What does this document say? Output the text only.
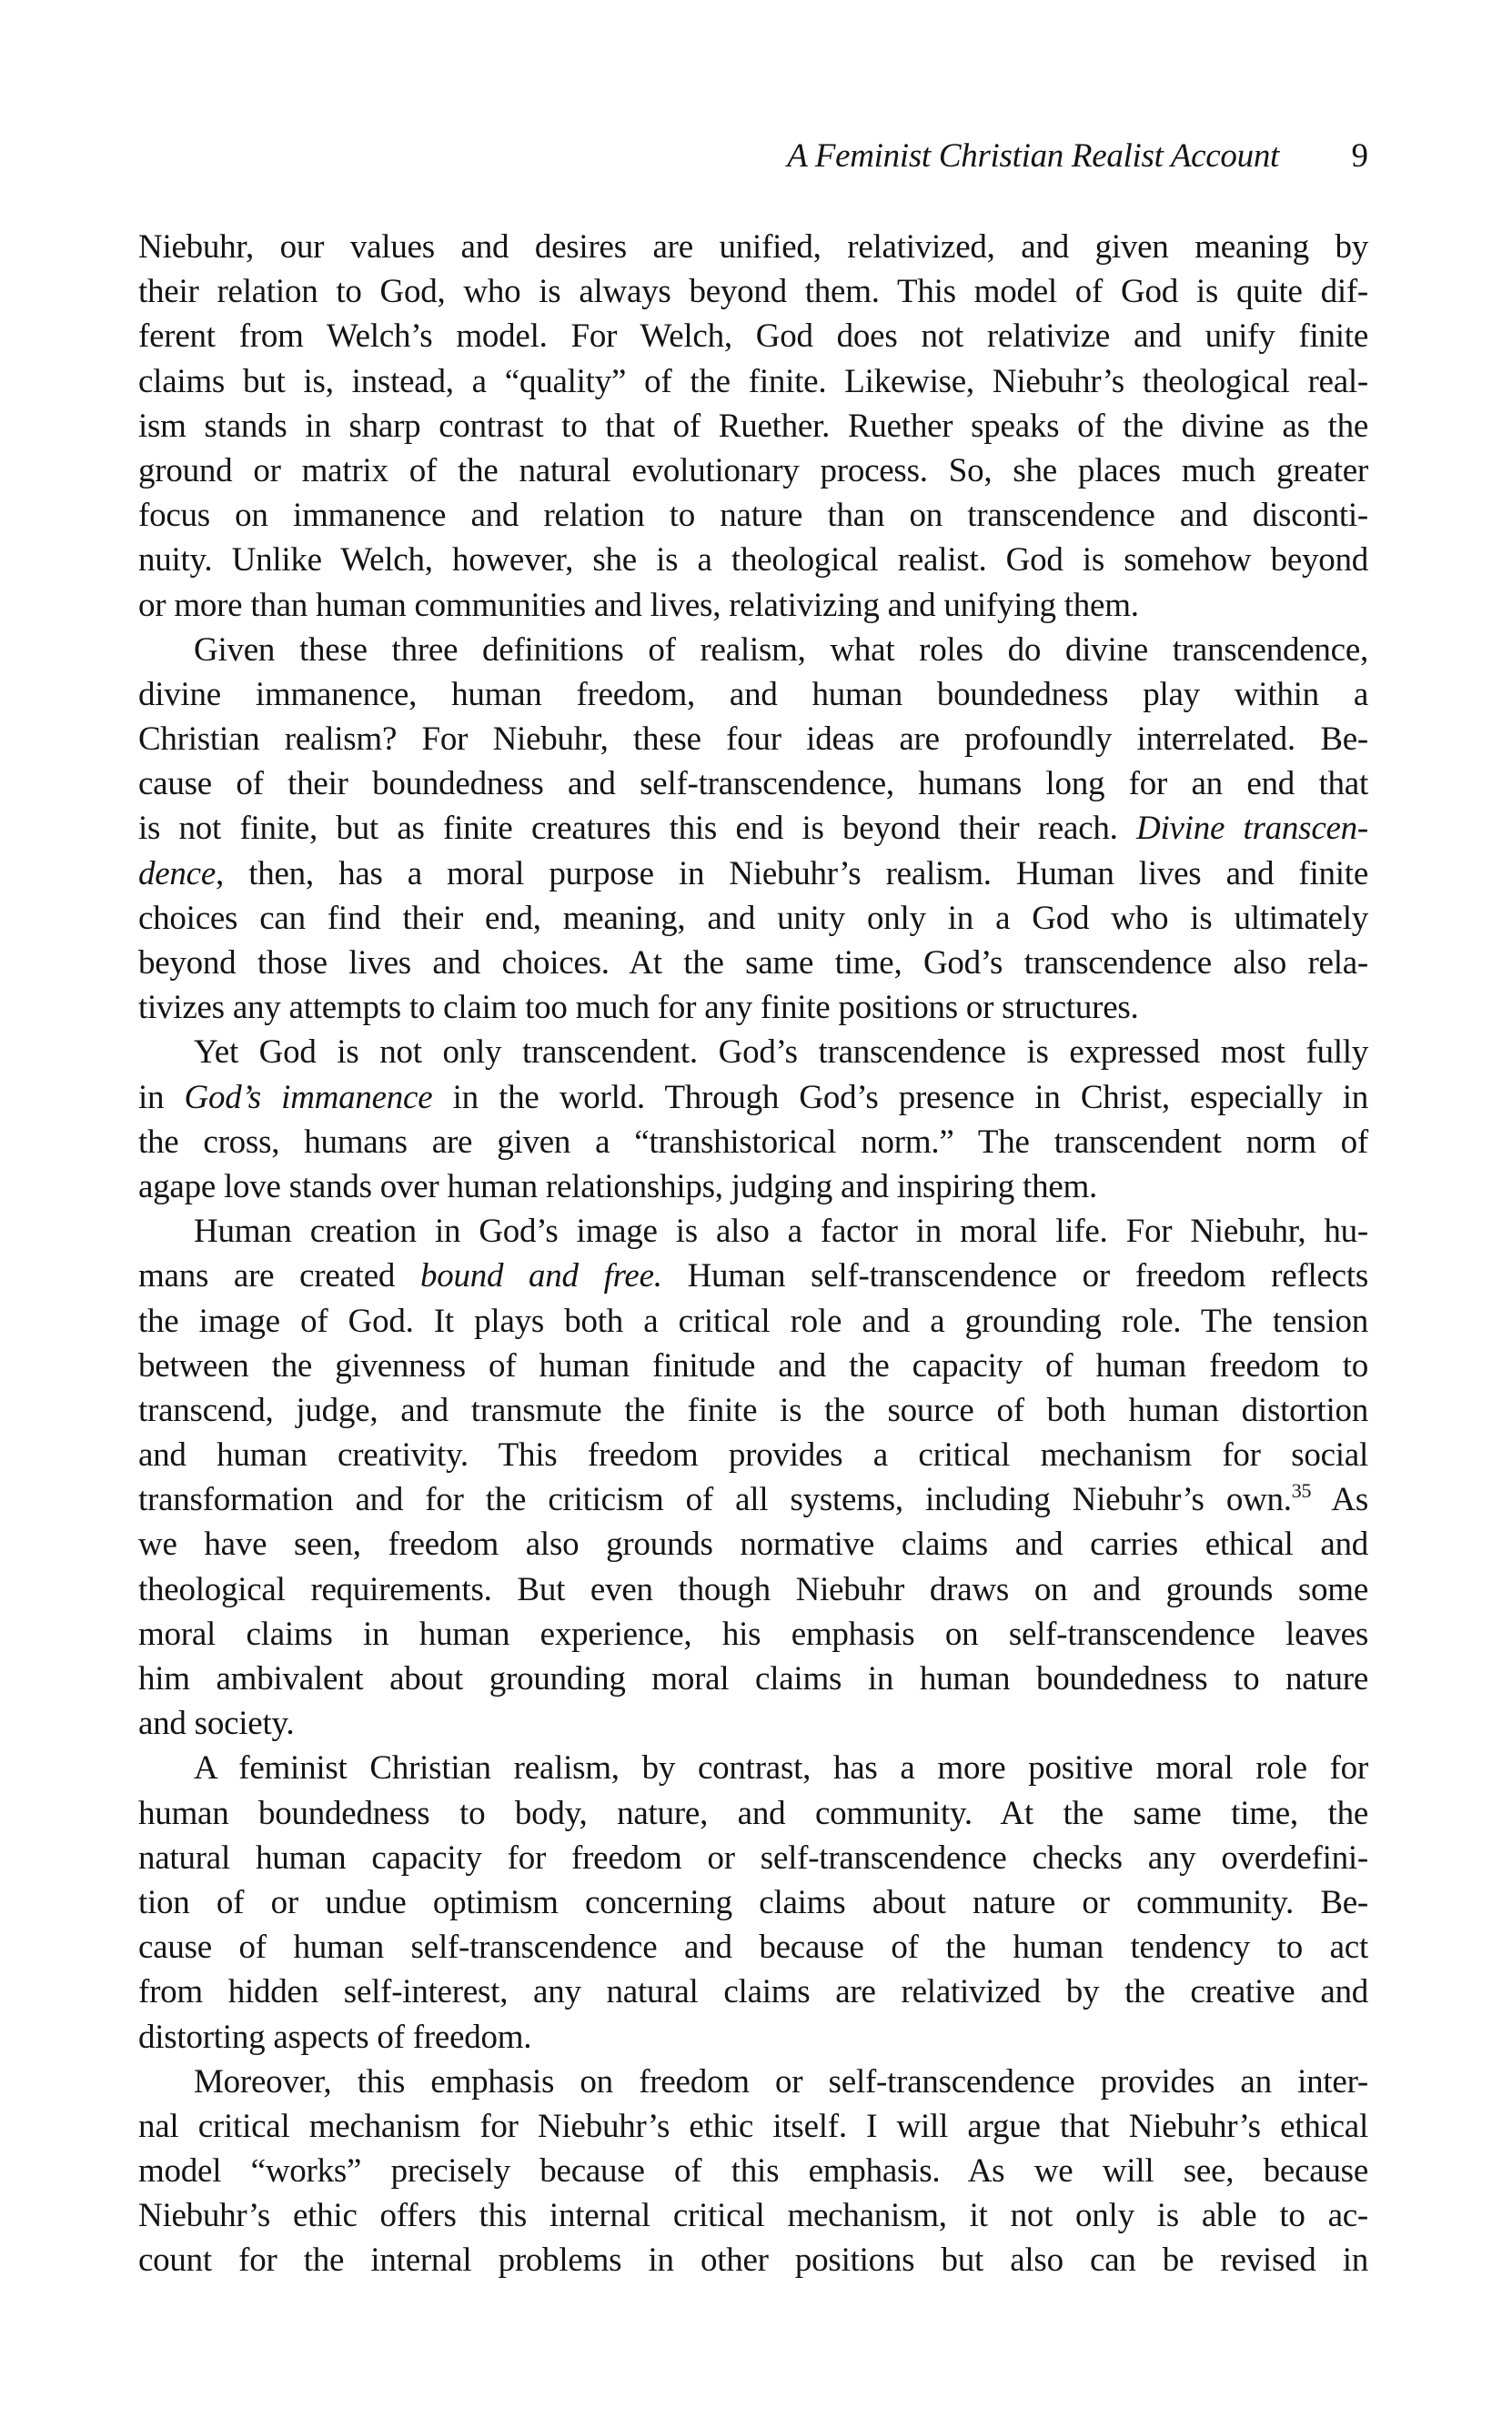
A Feminist Christian Realist Account 9
Niebuhr, our values and desires are unified, relativized, and given meaning by
their relation to God, who is always beyond them. This model of God is quite dif-
ferent from Welch’s model. For Welch, God does not relativize and unify finite
claims but is, instead, a “quality” of the finite. Likewise, Niebuhr’s theological real-
ism stands in sharp contrast to that of Ruether. Ruether speaks of the divine as the
ground or matrix of the natural evolutionary process. So, she places much greater
focus on immanence and relation to nature than on transcendence and disconti-
nuity. Unlike Welch, however, she is a theological realist. God is somehow beyond
or more than human communities and lives, relativizing and unifying them.
Given these three definitions of realism, what roles do divine transcendence,
divine immanence, human freedom, and human boundedness play within a
Christian realism? For Niebuhr, these four ideas are profoundly interrelated. Be-
cause of their boundedness and self-transcendence, humans long for an end that
is not finite, but as finite creatures this end is beyond their reach. Divine transcen-
dence, then, has a moral purpose in Niebuhr’s realism. Human lives and finite
choices can find their end, meaning, and unity only in a God who is ultimately
beyond those lives and choices. At the same time, God’s transcendence also rela-
tivizes any attempts to claim too much for any finite positions or structures.
Yet God is not only transcendent. God’s transcendence is expressed most fully
in God’s immanence in the world. Through God’s presence in Christ, especially in
the cross, humans are given a “transhistorical norm.” The transcendent norm of
agape love stands over human relationships, judging and inspiring them.
Human creation in God’s image is also a factor in moral life. For Niebuhr, hu-
mans are created bound and free. Human self-transcendence or freedom reflects
the image of God. It plays both a critical role and a grounding role. The tension
between the givenness of human finitude and the capacity of human freedom to
transcend, judge, and transmute the finite is the source of both human distortion
and human creativity. This freedom provides a critical mechanism for social
transformation and for the criticism of all systems, including Niebuhr’s own.$^{35}$ As
we have seen, freedom also grounds normative claims and carries ethical and
theological requirements. But even though Niebuhr draws on and grounds some
moral claims in human experience, his emphasis on self-transcendence leaves
him ambivalent about grounding moral claims in human boundedness to nature
and society.
A feminist Christian realism, by contrast, has a more positive moral role for
human boundedness to body, nature, and community. At the same time, the
natural human capacity for freedom or self-transcendence checks any overdefini-
tion of or undue optimism concerning claims about nature or community. Be-
cause of human self-transcendence and because of the human tendency to act
from hidden self-interest, any natural claims are relativized by the creative and
distorting aspects of freedom.
Moreover, this emphasis on freedom or self-transcendence provides an inter-
nal critical mechanism for Niebuhr’s ethic itself. I will argue that Niebuhr’s ethical
model “works” precisely because of this emphasis. As we will see, because
Niebuhr’s ethic offers this internal critical mechanism, it not only is able to ac-
count for the internal problems in other positions but also can be revised in
